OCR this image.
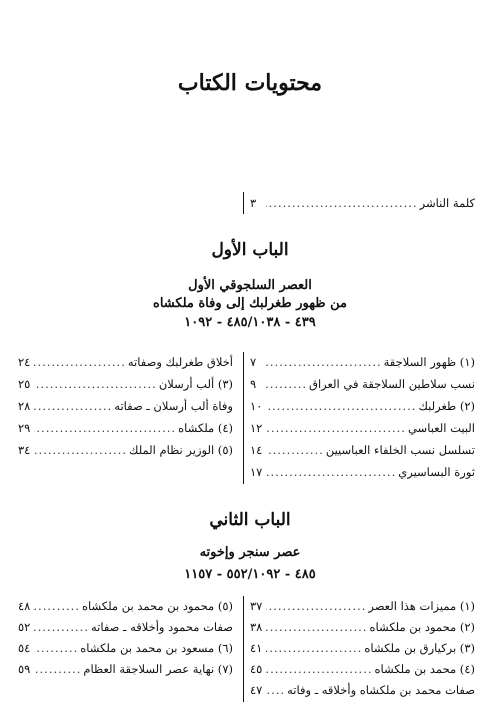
محتويات الكتاب
كلمة الناشر
.....
٣
الباب الأول
العصر السلجوقي الأول
من ظهور طغرلبك إلى وفاة ملكشاه
٤٣٩ - ٤٨٥/١٠٣٨ - ١٠٩٢
(١) ظهور السلاجقة
.....
٧
نسب سلاطين السلاجقة في العراق
.....
٩
(٢) طغرلبك
.....
١٠
البيت العباسي
.....
١٢
تسلسل نسب الخلفاء العباسيين
.....
١٤
ثورة البساسيري
.....
١٧
أخلاق طغرلبك وصفاته
.....
٢٤
(٣) ألب أرسلان
.....
٢٥
وفاة ألب أرسلان ـ صفاته
.....
٢٨
(٤) ملكشاه
.....
٢٩
(٥) الوزير نظام الملك
.....
٣٤
الباب الثاني
عصر سنجر وإخوته
٤٨٥ - ٥٥٢/١٠٩٢ - ١١٥٧
(١) مميزات هذا العصر
.....
٣٧
(٢) محمود بن ملكشاه
.....
٣٨
(٣) بركيارق بن ملكشاه
.....
٤١
(٤) محمد بن ملكشاه
.....
٤٥
صفات محمد بن ملكشاه وأخلاقه ـ وفاته
.....
٤٧
(٥) محمود بن محمد بن ملكشاه
.....
٤٨
صفات محمود وأخلاقه ـ صفاته
.....
٥٢
(٦) مسعود بن محمد بن ملكشاه
.....
٥٤
(٧) نهاية عصر السلاجقة العظام
.....
٥٩
